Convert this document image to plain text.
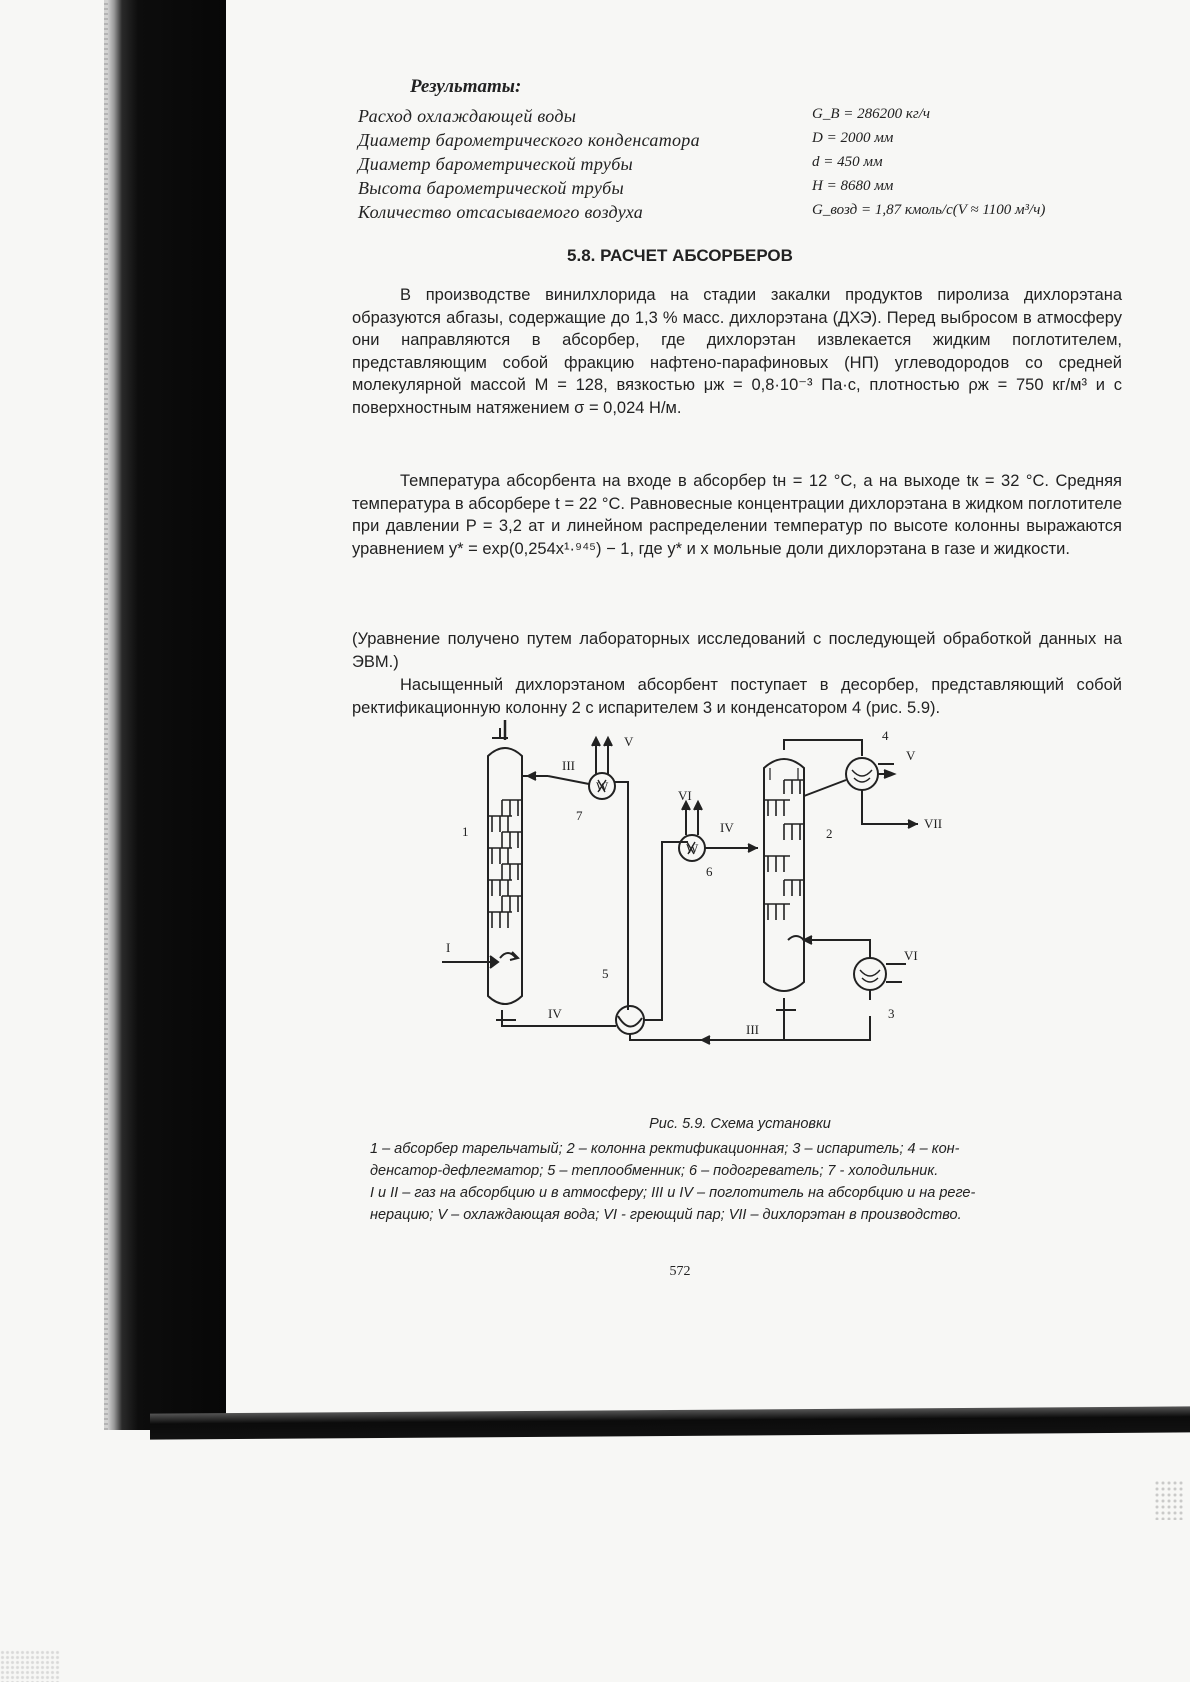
Результаты:
Расход охлаждающей воды	G_B = 286200 кг/ч
Диаметр барометрического конденсатора	D = 2000 мм
Диаметр барометрической трубы	d = 450 мм
Высота барометрической трубы	H = 8680 мм
Количество отсасываемого воздуха	G_возд = 1,87 кмоль/с(V ≈ 1100 м³/ч)
5.8. РАСЧЕТ АБСОРБЕРОВ

В производстве винилхлорида на стадии закалки продуктов пиролиза дихлорэтана образуются абгазы, содержащие до 1,3 % масс. дихлорэтана (ДХЭ). Перед выбросом в атмосферу они направляются в абсорбер, где дихлорэтан извлекается жидким поглотителем, представляющим собой фракцию нафтено-парафиновых (НП) углеводородов со средней молекулярной массой M = 128, вязкостью μж = 0,8·10⁻³ Па·с, плотностью ρж = 750 кг/м³ и с поверхностным натяжением σ = 0,024 Н/м.

Температура абсорбента на входе в абсорбер tн = 12 °C, а на выходе tк = 32 °C. Средняя температура в абсорбере t = 22 °C. Равновесные концентрации дихлорэтана в жидком поглотителе при давлении P = 3,2 ат и линейном распределении температур по высоте колонны выражаются уравнением y* = exp(0,254x¹·⁹⁴⁵) − 1, где y* и x мольные доли дихлорэтана в газе и жидкости.

(Уравнение получено путем лабораторных исследований с последующей обработкой данных на ЭВМ.)

Насыщенный дихлорэтаном абсорбент поступает в десорбер, представляющий собой ректификационную колонну 2 с испарителем 3 и конденсатором 4 (рис. 5.9).

I
III
V
VI
IV
IV
V
VII
VI
III
1	2
3
4
5
6
7
W
W
Рис. 5.9. Схема установки
1 – абсорбер тарельчатый; 2 – колонна ректификационная; 3 – испаритель; 4 – кон-
денсатор-дефлегматор; 5 – теплообменник; 6 – подогреватель; 7 - холодильник.
I и II – газ на абсорбцию и в атмосферу; III и IV – поглотитель на абсорбцию и на реге-
нерацию; V – охлаждающая вода; VI - греющий пар; VII – дихлорэтан в производство.
572
